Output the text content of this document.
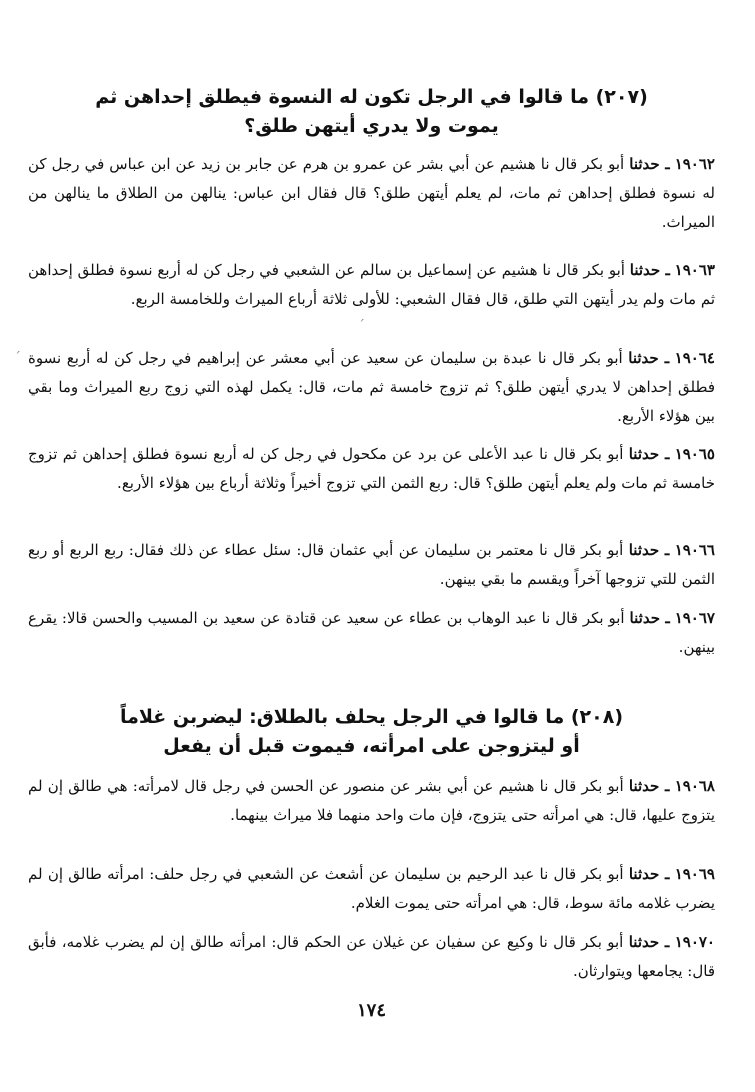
(٢٠٧) ما قالوا في الرجل تكون له النسوة فيطلق إحداهن ثم
يموت ولا يدري أيتهن طلق؟

١٩٠٦٢ ـ حدثنا أبو بكر قال نا هشيم عن أبي بشر عن عمرو بن هرم عن جابر بن زيد عن ابن عباس في رجل كن له نسوة فطلق إحداهن ثم مات، لم يعلم أيتهن طلق؟ قال فقال ابن عباس: ينالهن من الطلاق ما ينالهن من الميراث.

١٩٠٦٣ ـ حدثنا أبو بكر قال نا هشيم عن إسماعيل بن سالم عن الشعبي في رجل كن له أربع نسوة فطلق إحداهن ثم مات ولم يدر أيتهن التي طلق، قال فقال الشعبي: للأولى ثلاثة أرباع الميراث وللخامسة الربع.

١٩٠٦٤ ـ حدثنا أبو بكر قال نا عبدة بن سليمان عن سعيد عن أبي معشر عن إبراهيم في رجل كن له أربع نسوة فطلق إحداهن لا يدري أيتهن طلق؟ ثم تزوج خامسة ثم مات، قال: يكمل لهذه التي زوج ربع الميراث وما بقي بين هؤلاء الأربع.

١٩٠٦٥ ـ حدثنا أبو بكر قال نا عبد الأعلى عن برد عن مكحول في رجل كن له أربع نسوة فطلق إحداهن ثم تزوج خامسة ثم مات ولم يعلم أيتهن طلق؟ قال: ربع الثمن التي تزوج أخيراً وثلاثة أرباع بين هؤلاء الأربع.

١٩٠٦٦ ـ حدثنا أبو بكر قال نا معتمر بن سليمان عن أبي عثمان قال: سئل عطاء عن ذلك فقال: ربع الربع أو ربع الثمن للتي تزوجها آخراً ويقسم ما بقي بينهن.

١٩٠٦٧ ـ حدثنا أبو بكر قال نا عبد الوهاب بن عطاء عن سعيد عن قتادة عن سعيد بن المسيب والحسن قالا: يقرع بينهن.

(٢٠٨) ما قالوا في الرجل يحلف بالطلاق: ليضربن غلاماً
أو ليتزوجن على امرأته، فيموت قبل أن يفعل

١٩٠٦٨ ـ حدثنا أبو بكر قال نا هشيم عن أبي بشر عن منصور عن الحسن في رجل قال لامرأته: هي طالق إن لم يتزوج عليها، قال: هي امرأته حتى يتزوج، فإن مات واحد منهما فلا ميراث بينهما.

١٩٠٦٩ ـ حدثنا أبو بكر قال نا عبد الرحيم بن سليمان عن أشعث عن الشعبي في رجل حلف: امرأته طالق إن لم يضرب غلامه مائة سوط، قال: هي امرأته حتى يموت الغلام.

١٩٠٧٠ ـ حدثنا أبو بكر قال نا وكيع عن سفيان عن غيلان عن الحكم قال: امرأته طالق إن لم يضرب غلامه، فأبق قال: يجامعها ويتوارثان.

١٧٤
ˊ
ˊ
